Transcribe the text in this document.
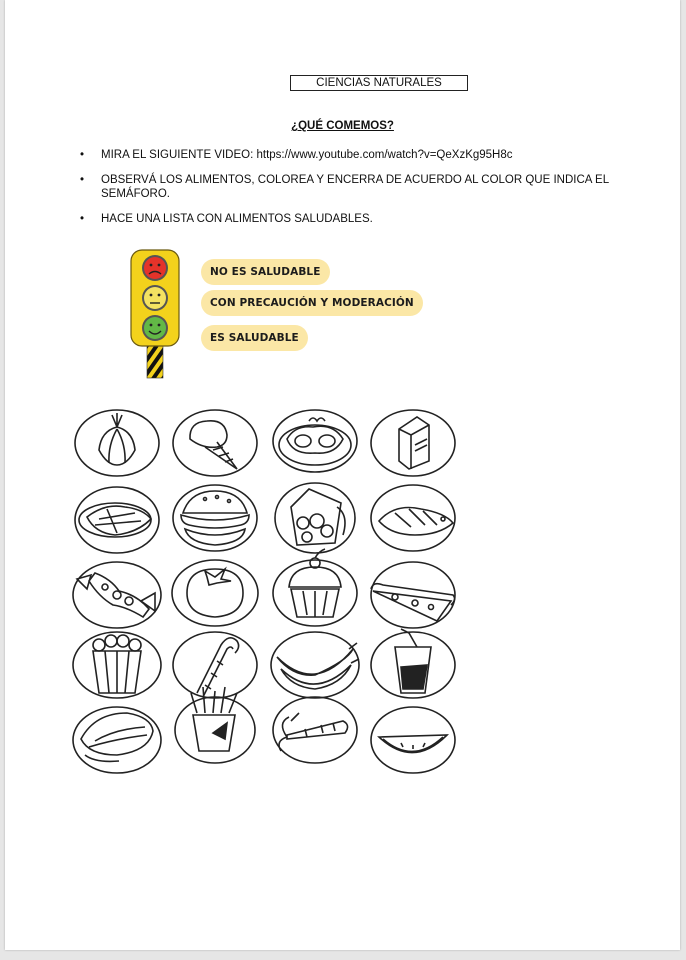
CIENCIAS NATURALES
¿QUÉ COMEMOS?
• MIRA EL SIGUIENTE VIDEO: https://www.youtube.com/watch?v=QeXzKg95H8c
• OBSERVÁ LOS ALIMENTOS, COLOREA Y ENCERRA DE ACUERDO AL COLOR QUE INDICA EL SEMÁFORO.
• HACE UNA LISTA CON ALIMENTOS SALUDABLES.
NO ES SALUDABLE
CON PRECAUCIÓN Y MODERACIÓN
ES SALUDABLE
